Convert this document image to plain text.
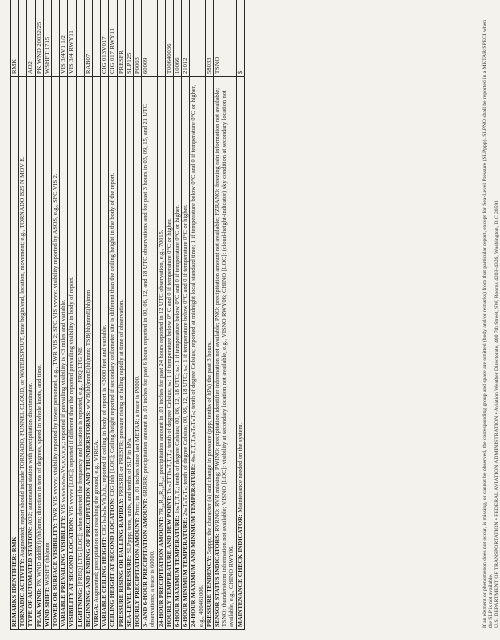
REMARKS IDENTIFIER: RMK	RMK
TORNADIC ACTIVITY: Augmented; report should include TORNADO, FUNNEL CLOUD, or WATERSPOUT, time begin/end, location, movement; e.g., TORNADO B25 N MOV E.	
TYPE OF AUTOMATED STATION: AO2; automated station with precipitation discriminator.	AO2
PEAK WIND: PK WND dddff(f)/(hh)mm; direction in tens of degrees, speed in whole knots, and time.	PK WND 20032/25
WIND SHIFT: WSHFT (hh)mm	WSHFT 1715
TOWER OR SURFACE VISIBILITY: TWR VIS vvvvv; visibility reported by tower personnel, e.g., TWR VIS 2; SFC VIS vvvvv: visibility reported by ASOS, e.g., SFC VIS 2.	
VARIABLE PREVAILING VISIBILITY: VIS vₙvₙvₙvₙvₙVvₓvₓvₓvₓvₓ; reported if prevailing visibility is <3 miles and variable.	VIS 3/4V1 1/2
VISIBILITY AT SECOND LOCATION: VIS vvvvv [LOC]; reported if different than the reported prevailing visibility in body of report.	VIS 3/4 RWY11
LIGHTNING: [FREQ] LTG [LOC]; when detected the frequency and location is reported, e.g., FRQ LTG NE	
BEGINNING AND ENDING OF PRECIPITATION AND THUNDERSTORMS: w'w'B(hh)mmE(hh)mm; TSB(hh)mmE(hh)mm	RAB07
VIRGA: Augmented; precipitation not reaching the ground, e.g., VIRGA.	
VARIABLE CEILING HEIGHT: CIG hₙhₙhₙVhₓhₓhₓ; reported if ceiling in body of report is <3000 feet and variable.	CIG 013V017
CEILING HEIGHT AT SECOND LOCATION: CIG hhh [LOC]; Ceiling height reported if secondary ceilometer site is different than the ceiling height in the body of the report.	CIG 017 RWY11
PRESSURE RISING OR FALLING RAPIDLY: PRESRR or PRESFR; pressure rising or falling rapidly at time of observation.	PRESFR
SEA-LEVEL PRESSURE: SLPppp; tens, units, and tenths of SLP in hPa.	SLP125
HOURLY PRECIPITATION AMOUNT: Prrrr; in .01 inches since last METAR; a trace is P0000.	P0003
3- AND 6-HOUR PRECIPITATION AMOUNT: 6RRRR; precipitation amount in .01 inches for past 6 hours reported in 00, 06, 12, and 18 UTC observations and for past 3 hours in 03, 09, 15, and 21 UTC observations; a trace is 60000.	60009
24-HOUR PRECIPITATION AMOUNT: 7R₂₄R₂₄R₂₄R₂₄; precipitation amount in .01 inches for past 24 hours reported in 12 UTC observation, e.g., 70015.	
HOURLY TEMPERATURE AND DEW POINT: Ts ₙTTTsₙTₐTₐTₐ; tenth of degree Celsius; sₙ: 1 if temperature below 0° C and 0 if temperature 0°C or higher.	T00640036
6-HOUR MAXIMUM TEMPERATURE: 1sₙTₓTₓTₓ; tenth of degree Celsius; 00, 06, 12, 18 UTC; sₙ: 1 if temperature below 0°C and 0 if temperature 0°C or higher.	10066
6-HOUR MINIMUM TEMPERATURE: 2sₙTₙTₙTₙ; tenth of degree Celsius; 00, 06, 12, 18 UTC; sₙ: 1 if temperature below 0°C and 0 if temperature 0°C or higher.	21012
24-HOUR MAXIMUM AND MINIMUM TEMPERATURE: 4sₙTₓTₓTₓsₙTₙTₙTₙ; tenth of degree Celsius; reported at midnight local standard time; 1 if temperature below 0°C and 0 if temperature 0°C or higher, e.g., 400461006.	
PRESSURE TENDENCY: 5appp; the character (a) and change in pressure (ppp; tenths of hPa) the past 3 hours.	58033
SENSOR STATUS INDICATORS: RVRNO: RVR missing; PWINO: precipitation identifier information not available; PNO: precipitation amount not available; FZRANO: freezing rain information not available; TSNO: thunderstorm information not available; VISNO [LOC]: visibility at secondary location not available, e.g., VISNO RWY06; CHINO [LOC]: (cloud-height-indicator) sky condition at secondary location not available, e.g., CHINO RWY06.	TSNO
MAINTENANCE CHECK INDICATOR: Maintenance needed on the system.	$	If an element or phenomenon does not occur, is missing, or cannot be observed, the corresponding group and space are omitted (body and/or remarks) from that particular report, except for Sea-Level Pressure (SLPppp). SLPNO shall be reported in a METAR/SPECI when the SLP is not available. U.S. DEPARTMENT OF TRANSPORTATION • FEDERAL AVIATION ADMINISTRATION • Aviation Weather Directorate, 400 7th Street, SW, Rooms 4203-4326, Washington, D.C 20591
